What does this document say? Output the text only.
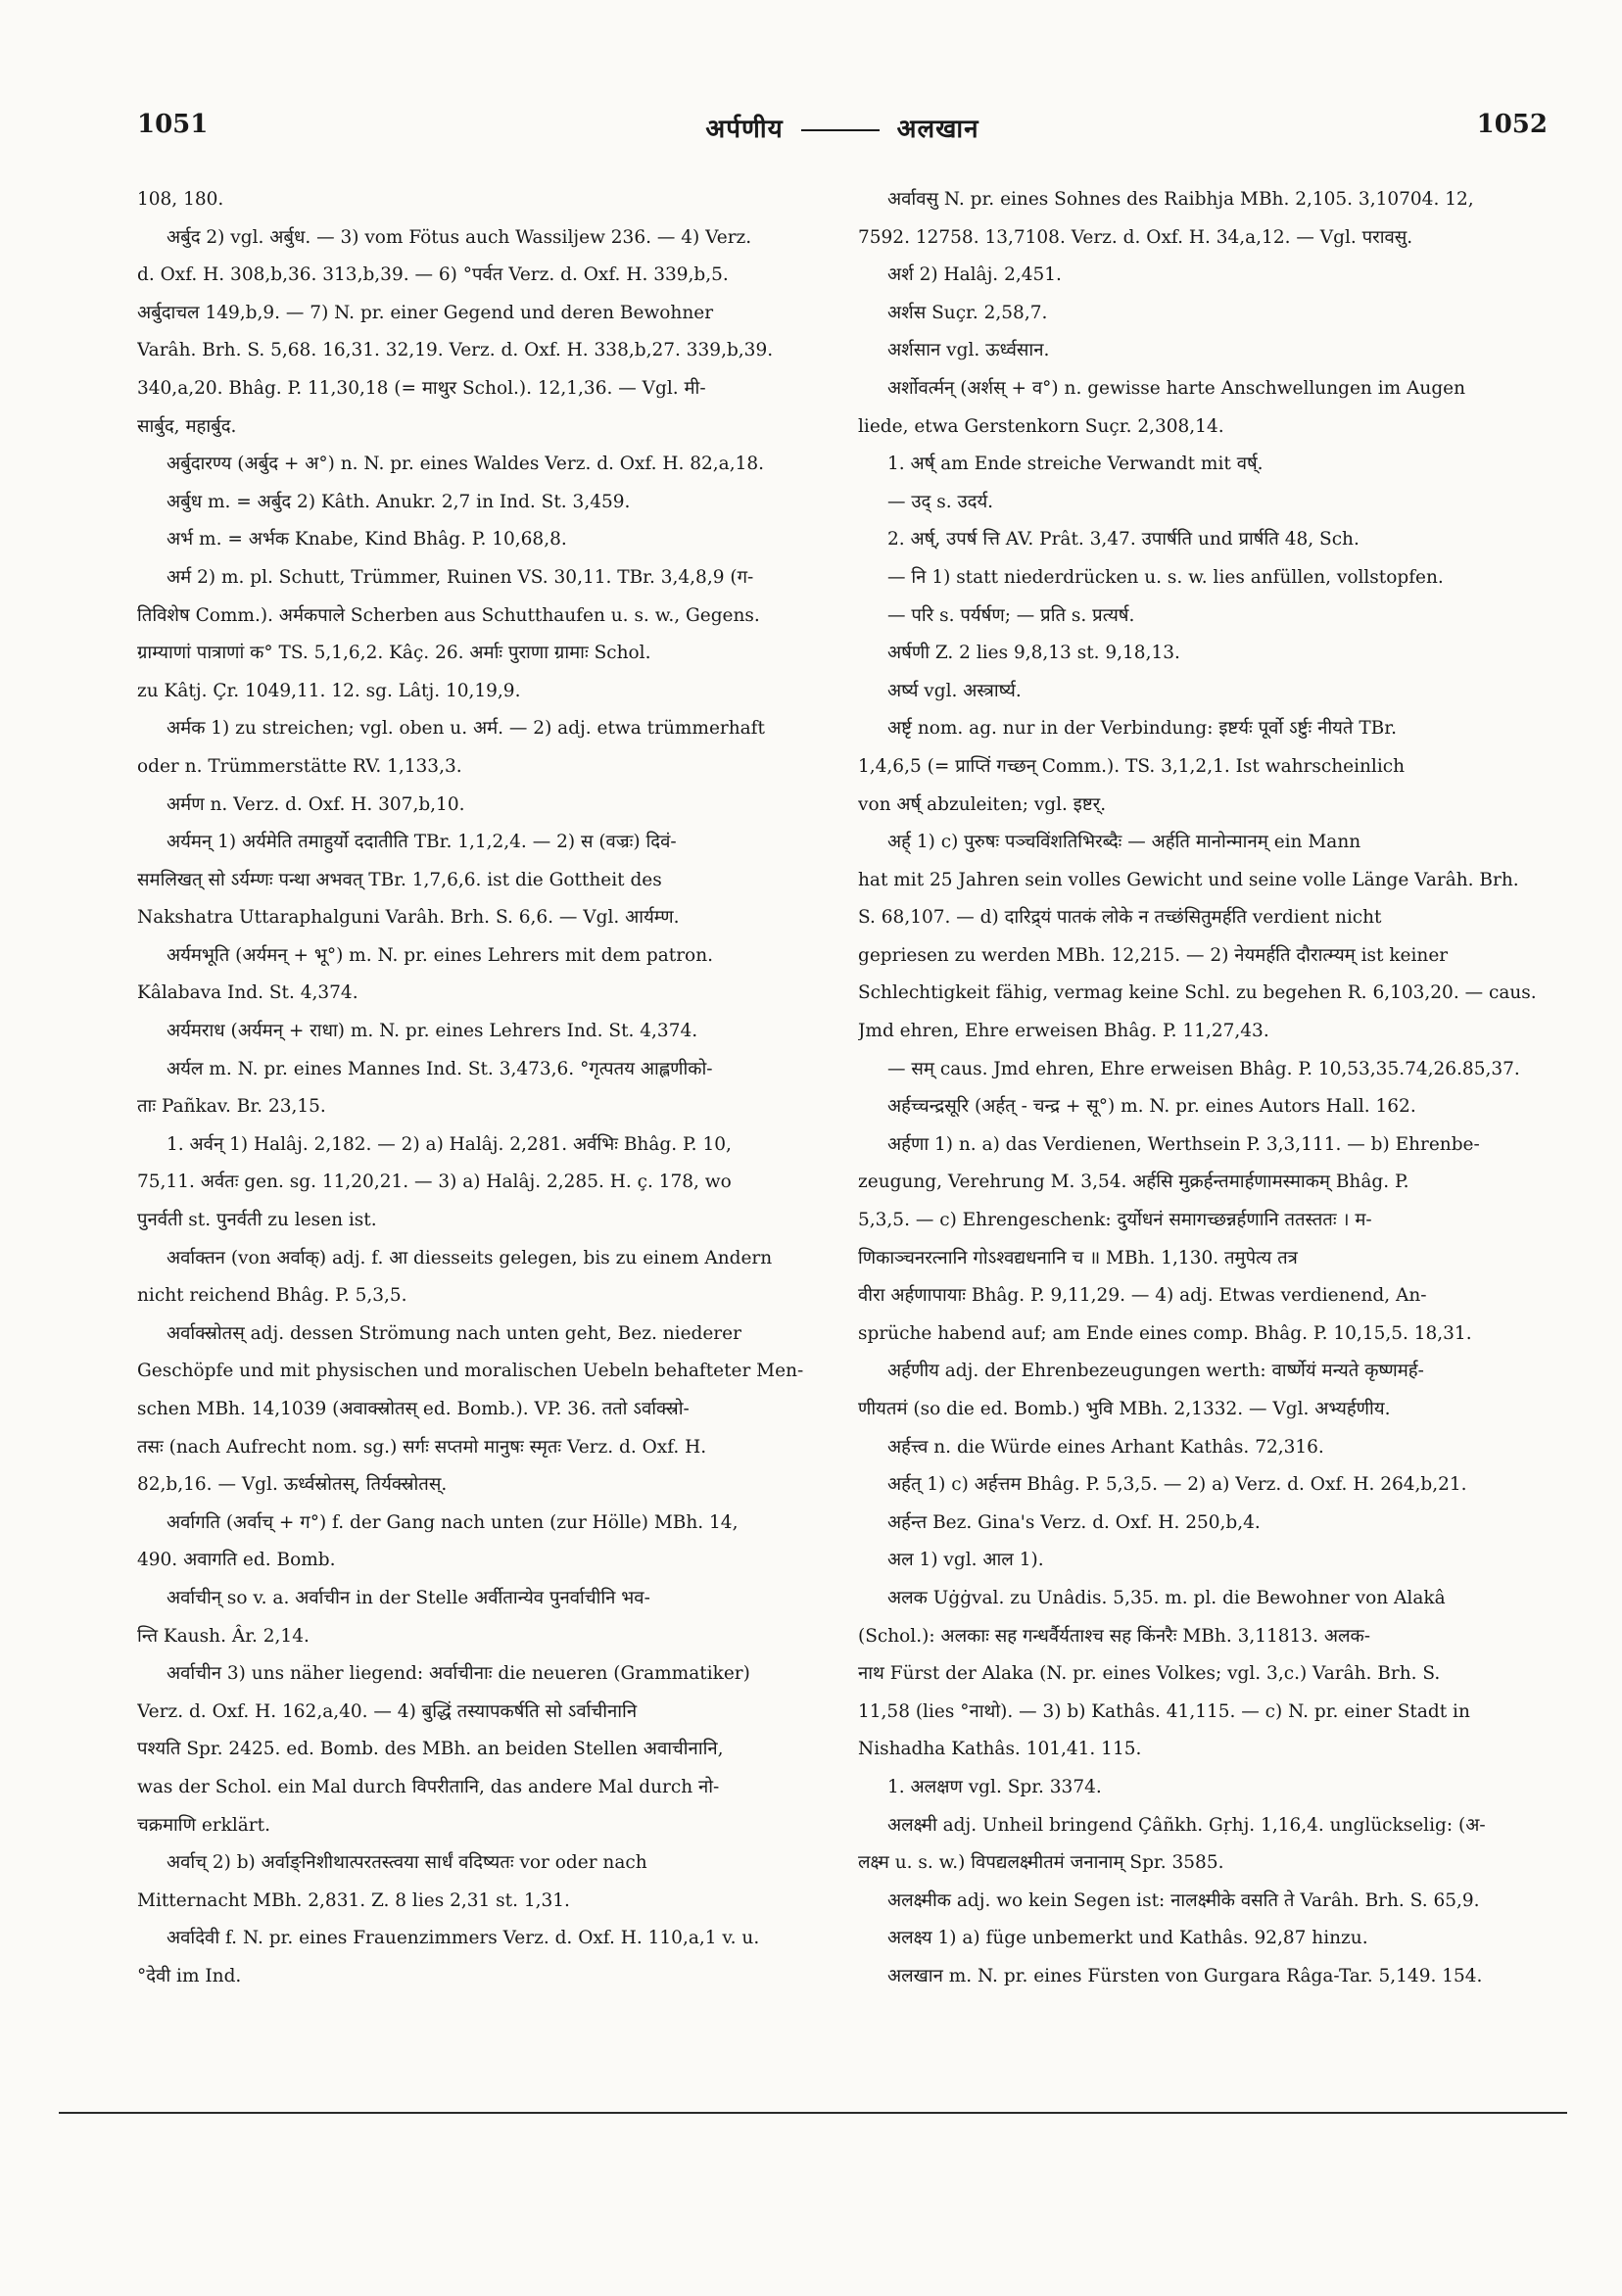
1051	अर्पणीय	अलखान	1052
108, 180.
अर्बुद 2) vgl. अर्बुध. — 3) vom Fötus auch Wassiljew 236. — 4) Verz.
d. Oxf. H. 308,b,36. 313,b,39. — 6) °पर्वत Verz. d. Oxf. H. 339,b,5.
अर्बुदाचल 149,b,9. — 7) N. pr. einer Gegend und deren Bewohner
Varâh. Brh. S. 5,68. 16,31. 32,19. Verz. d. Oxf. H. 338,b,27. 339,b,39.
340,a,20. Bhâg. P. 11,30,18 (= माथुर Schol.). 12,1,36. — Vgl. मी-
सार्बुद, महार्बुद.
अर्बुदारण्य (अर्बुद + अ°) n. N. pr. eines Waldes Verz. d. Oxf. H. 82,a,18.
अर्बुध m. = अर्बुद 2) Kâth. Anukr. 2,7 in Ind. St. 3,459.
अर्भ m. = अर्भक Knabe, Kind Bhâg. P. 10,68,8.
अर्म 2) m. pl. Schutt, Trümmer, Ruinen VS. 30,11. TBr. 3,4,8,9 (ग-
तिविशेष Comm.). अर्मकपाले Scherben aus Schutthaufen u. s. w., Gegens.
ग्राम्याणां पात्राणां क° TS. 5,1,6,2. Kâç. 26. अर्माः पुराणा ग्रामाः Schol.
zu Kâtj. Çr. 1049,11. 12. sg. Lâtj. 10,19,9.
अर्मक 1) zu streichen; vgl. oben u. अर्म. — 2) adj. etwa trümmerhaft
oder n. Trümmerstätte RV. 1,133,3.
अर्मण n. Verz. d. Oxf. H. 307,b,10.
अर्यमन् 1) अर्यमेति तमाहुर्यो ददातीति TBr. 1,1,2,4. — 2) स (वज्रः) दिवं-
समलिखत् सो ऽर्यम्णः पन्था अभवत् TBr. 1,7,6,6. ist die Gottheit des
Nakshatra Uttaraphalguni Varâh. Brh. S. 6,6. — Vgl. आर्यम्ण.
अर्यमभूति (अर्यमन् + भू°) m. N. pr. eines Lehrers mit dem patron.
Kâlabava Ind. St. 4,374.
अर्यमराध (अर्यमन् + राधा) m. N. pr. eines Lehrers Ind. St. 4,374.
अर्यल m. N. pr. eines Mannes Ind. St. 3,473,6. °गृत्पतय आह्लणीको-
ताः Pañkav. Br. 23,15.
1. अर्वन् 1) Halâj. 2,182. — 2) a) Halâj. 2,281. अर्वभिः Bhâg. P. 10,
75,11. अर्वतः gen. sg. 11,20,21. — 3) a) Halâj. 2,285. H. ç. 178, wo
पुनर्वती st. पुनर्वती zu lesen ist.
अर्वाक्तन (von अर्वाक्) adj. f. आ diesseits gelegen, bis zu einem Andern
nicht reichend Bhâg. P. 5,3,5.
अर्वाक्स्रोतस् adj. dessen Strömung nach unten geht, Bez. niederer
Geschöpfe und mit physischen und moralischen Uebeln behafteter Men-
schen MBh. 14,1039 (अवाक्स्रोतस् ed. Bomb.). VP. 36. ततो ऽर्वाक्स्रो-
तसः (nach Aufrecht nom. sg.) सर्गः सप्तमो मानुषः स्मृतः Verz. d. Oxf. H.
82,b,16. — Vgl. ऊर्ध्वस्रोतस्, तिर्यक्स्रोतस्.
अर्वागति (अर्वाच् + ग°) f. der Gang nach unten (zur Hölle) MBh. 14,
490. अवागति ed. Bomb.
अर्वाचीन् so v. a. अर्वाचीन in der Stelle अर्वीतान्येव पुनर्वाचीनि भव-
न्ति Kaush. Âr. 2,14.
अर्वाचीन 3) uns näher liegend: अर्वाचीनाः die neueren (Grammatiker)
Verz. d. Oxf. H. 162,a,40. — 4) बुद्धिं तस्यापकर्षति सो ऽर्वाचीनानि
पश्यति Spr. 2425. ed. Bomb. des MBh. an beiden Stellen अवाचीनानि,
was der Schol. ein Mal durch विपरीतानि, das andere Mal durch नो-
चक्रमाणि erklärt.
अर्वाच् 2) b) अर्वाङ्निशीथात्परतस्त्वया सार्धं वदिष्यतः vor oder nach
Mitternacht MBh. 2,831. Z. 8 lies 2,31 st. 1,31.
अर्वादेवी f. N. pr. eines Frauenzimmers Verz. d. Oxf. H. 110,a,1 v. u.
°देवी im Ind.
अर्वावसु N. pr. eines Sohnes des Raibhja MBh. 2,105. 3,10704. 12,
7592. 12758. 13,7108. Verz. d. Oxf. H. 34,a,12. — Vgl. परावसु.
अर्श 2) Halâj. 2,451.
अर्शस Suçr. 2,58,7.
अर्शसान vgl. ऊर्ध्वसान.
अर्शोवर्त्मन् (अर्शस् + व°) n. gewisse harte Anschwellungen im Augen
liede, etwa Gerstenkorn Suçr. 2,308,14.
1. अर्ष् am Ende streiche Verwandt mit वर्ष्.
— उद् s. उदर्य.
2. अर्ष्, उपर्ष त्ति AV. Prât. 3,47. उपार्षति und प्रार्षति 48, Sch.
— नि 1) statt niederdrücken u. s. w. lies anfüllen, vollstopfen.
— परि s. पर्यर्षण; — प्रति s. प्रत्यर्ष.
अर्षणी Z. 2 lies 9,8,13 st. 9,18,13.
अर्ष्य vgl. अस्त्रार्ष्य.
अर्ष्टृ nom. ag. nur in der Verbindung: इष्टर्यः पूर्वो ऽर्ष्टुः नीयते TBr.
1,4,6,5 (= प्राप्तिं गच्छन् Comm.). TS. 3,1,2,1. Ist wahrscheinlich
von अर्ष् abzuleiten; vgl. इष्टर्.
अर्ह् 1) c) पुरुषः पञ्चविंशतिभिरब्दैः — अर्हति मानोन्मानम् ein Mann
hat mit 25 Jahren sein volles Gewicht und seine volle Länge Varâh. Brh.
S. 68,107. — d) दारिद्र्यं पातकं लोके न तच्छंसितुमर्हति verdient nicht
gepriesen zu werden MBh. 12,215. — 2) नेयमर्हति दौरात्म्यम् ist keiner
Schlechtigkeit fähig, vermag keine Schl. zu begehen R. 6,103,20. — caus.
Jmd ehren, Ehre erweisen Bhâg. P. 11,27,43.
— सम् caus. Jmd ehren, Ehre erweisen Bhâg. P. 10,53,35.74,26.85,37.
अर्हच्चन्द्रसूरि (अर्हत् - चन्द्र + सू°) m. N. pr. eines Autors Hall. 162.
अर्हणा 1) n. a) das Verdienen, Werthsein P. 3,3,111. — b) Ehrenbe-
zeugung, Verehrung M. 3,54. अर्हसि मुक्रर्हन्तमार्हणामस्माकम् Bhâg. P.
5,3,5. — c) Ehrengeschenk: दुर्योधनं समागच्छन्नर्हणानि ततस्ततः । म-
णिकाञ्चनरत्नानि गोऽश्वद्यधनानि च ॥ MBh. 1,130. तमुपेत्य तत्र
वीरा अर्हणापायाः Bhâg. P. 9,11,29. — 4) adj. Etwas verdienend, An-
sprüche habend auf; am Ende eines comp. Bhâg. P. 10,15,5. 18,31.
अर्हणीय adj. der Ehrenbezeugungen werth: वार्ष्णेयं मन्यते कृष्णमर्ह-
णीयतमं (so die ed. Bomb.) भुवि MBh. 2,1332. — Vgl. अभ्यर्हणीय.
अर्हत्त्व n. die Würde eines Arhant Kathâs. 72,316.
अर्हत् 1) c) अर्हत्तम Bhâg. P. 5,3,5. — 2) a) Verz. d. Oxf. H. 264,b,21.
अर्हन्त Bez. Gina's Verz. d. Oxf. H. 250,b,4.
अल 1) vgl. आल 1).
अलक Uġġval. zu Unâdis. 5,35. m. pl. die Bewohner von Alakâ
(Schol.): अलकाः सह गन्धर्वैर्यताश्च सह किंनरैः MBh. 3,11813. अलक-
नाथ Fürst der Alaka (N. pr. eines Volkes; vgl. 3,c.) Varâh. Brh. S.
11,58 (lies °नाथो). — 3) b) Kathâs. 41,115. — c) N. pr. einer Stadt in
Nishadha Kathâs. 101,41. 115.
1. अलक्षण vgl. Spr. 3374.
अलक्ष्मी adj. Unheil bringend Çâñkh. Gṛhj. 1,16,4. unglückselig: (अ-
लक्ष्म u. s. w.) विपद्यलक्ष्मीतमं जनानाम् Spr. 3585.
अलक्ष्मीक adj. wo kein Segen ist: नालक्ष्मीके वसति ते Varâh. Brh. S. 65,9.
अलक्ष्य 1) a) füge unbemerkt und Kathâs. 92,87 hinzu.
अलखान m. N. pr. eines Fürsten von Gurgara Râga-Tar. 5,149. 154.
